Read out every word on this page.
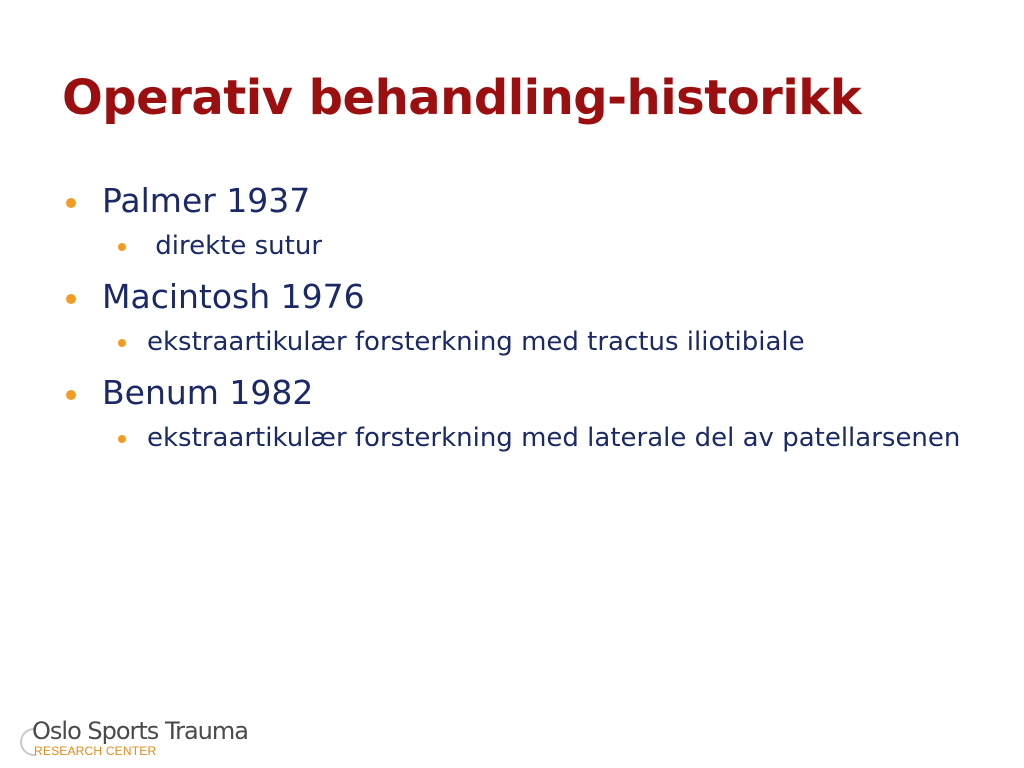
Operativ behandling-historikk
Palmer 1937
direkte sutur
Macintosh 1976
ekstraartikulær forsterkning med tractus iliotibiale
Benum 1982
ekstraartikulær forsterkning med laterale del av patellarsenen
Oslo Sports Trauma
RESEARCH CENTER
